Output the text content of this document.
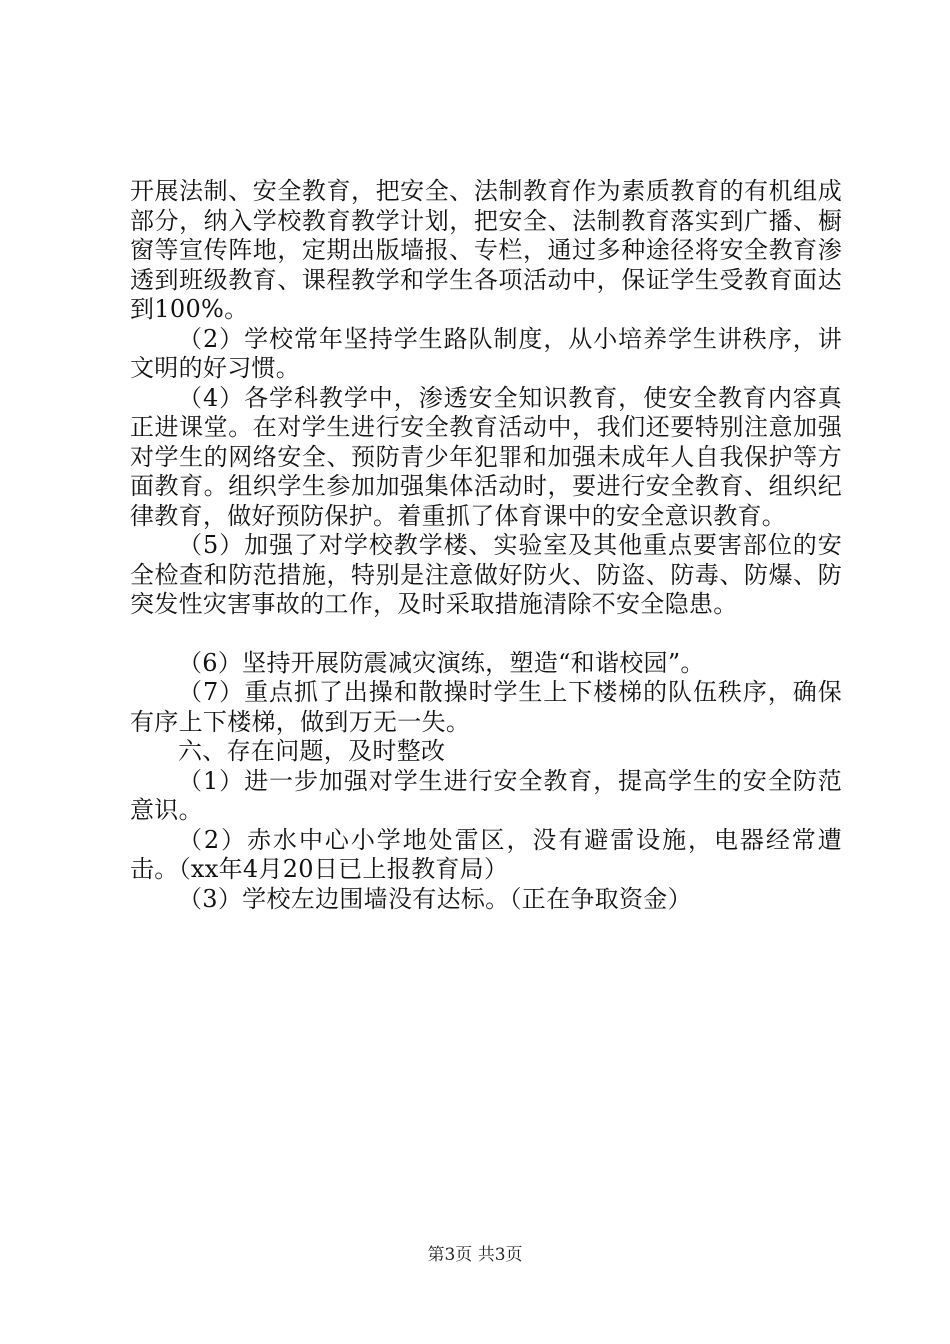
开展法制、安全教育，把安全、法制教育作为素质教育的有机组成部分，纳入学校教育教学计划，把安全、法制教育落实到广播、橱窗等宣传阵地，定期出版墙报、专栏，通过多种途径将安全教育渗透到班级教育、课程教学和学生各项活动中，保证学生受教育面达到100%。

（2）学校常年坚持学生路队制度，从小培养学生讲秩序，讲文明的好习惯。

（4）各学科教学中，渗透安全知识教育，使安全教育内容真正进课堂。在对学生进行安全教育活动中，我们还要特别注意加强对学生的网络安全、预防青少年犯罪和加强未成年人自我保护等方面教育。组织学生参加加强集体活动时，要进行安全教育、组织纪律教育，做好预防保护。着重抓了体育课中的安全意识教育。

（5）加强了对学校教学楼、实验室及其他重点要害部位的安全检查和防范措施，特别是注意做好防火、防盗、防毒、防爆、防突发性灾害事故的工作，及时采取措施清除不安全隐患。

（6）坚持开展防震减灾演练，塑造“和谐校园”。

（7）重点抓了出操和散操时学生上下楼梯的队伍秩序，确保有序上下楼梯，做到万无一失。

六、存在问题，及时整改

（1）进一步加强对学生进行安全教育，提高学生的安全防范意识。

（2）赤水中心小学地处雷区，没有避雷设施，电器经常遭击。（xx年4月20日已上报教育局）

（3）学校左边围墙没有达标。（正在争取资金）

第3页 共3页
